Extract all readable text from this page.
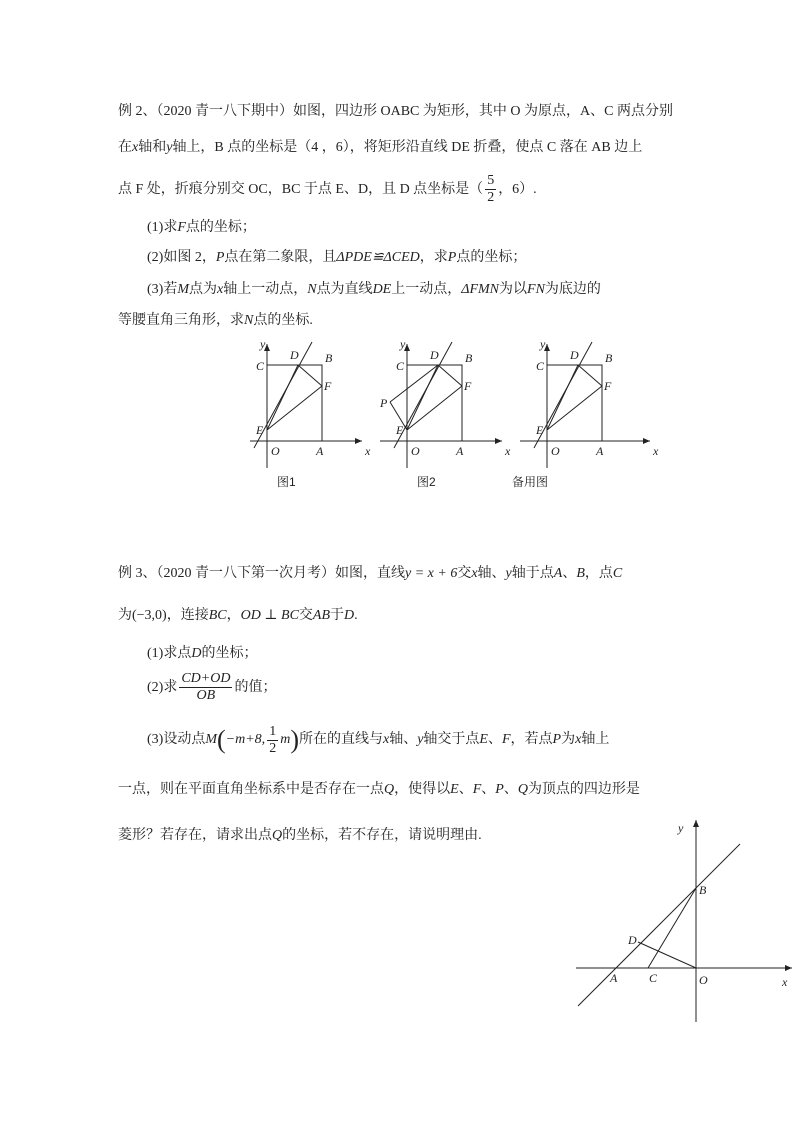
例 2、（2020 青一八下期中）如图，四边形 OABC 为矩形，其中 O 为原点，A、C 两点分别
在x轴和y轴上，B 点的坐标是（4 ，6），将矩形沿直线 DE 折叠，使点 C 落在 AB 边上
点 F 处，折痕分别交 OC，BC 于点 E、D，且 D 点坐标是（ $\frac{5}{2}$ ，6）.
(1)求F点的坐标；
(2)如图 2，P点在第二象限，且ΔPDE≌ΔCED，求P点的坐标；
(3)若M点为x轴上一动点，N点为直线DE上一动点，ΔFMN为以FN为底边的
等腰直角三角形，求N点的坐标.
y
x
O	A
B
C
D
E
F
图1
y
x
O	A
B
C
D
E
F
P
图2
y
x
O	A
B
C
D
E
F
备用图
例 3、（2020 青一八下第一次月考）如图，直线y = x + 6交x轴、y轴于点A、B，点C
为(−3,0)，连接BC，OD ⊥ BC交AB于D.
(1)求点D的坐标；
(2)求 $\frac{CD+OD}{OB}$ 的值；
(3)设动点M(−m+8, $\frac{1}{2} m$)所在的直线与x轴、y轴交于点E、F，若点P为x轴上
一点，则在平面直角坐标系中是否存在一点Q，使得以E、F、P、Q为顶点的四边形是
菱形？若存在，请求出点Q的坐标，若不存在，请说明理由.	y
x
O
A
B
C
D
